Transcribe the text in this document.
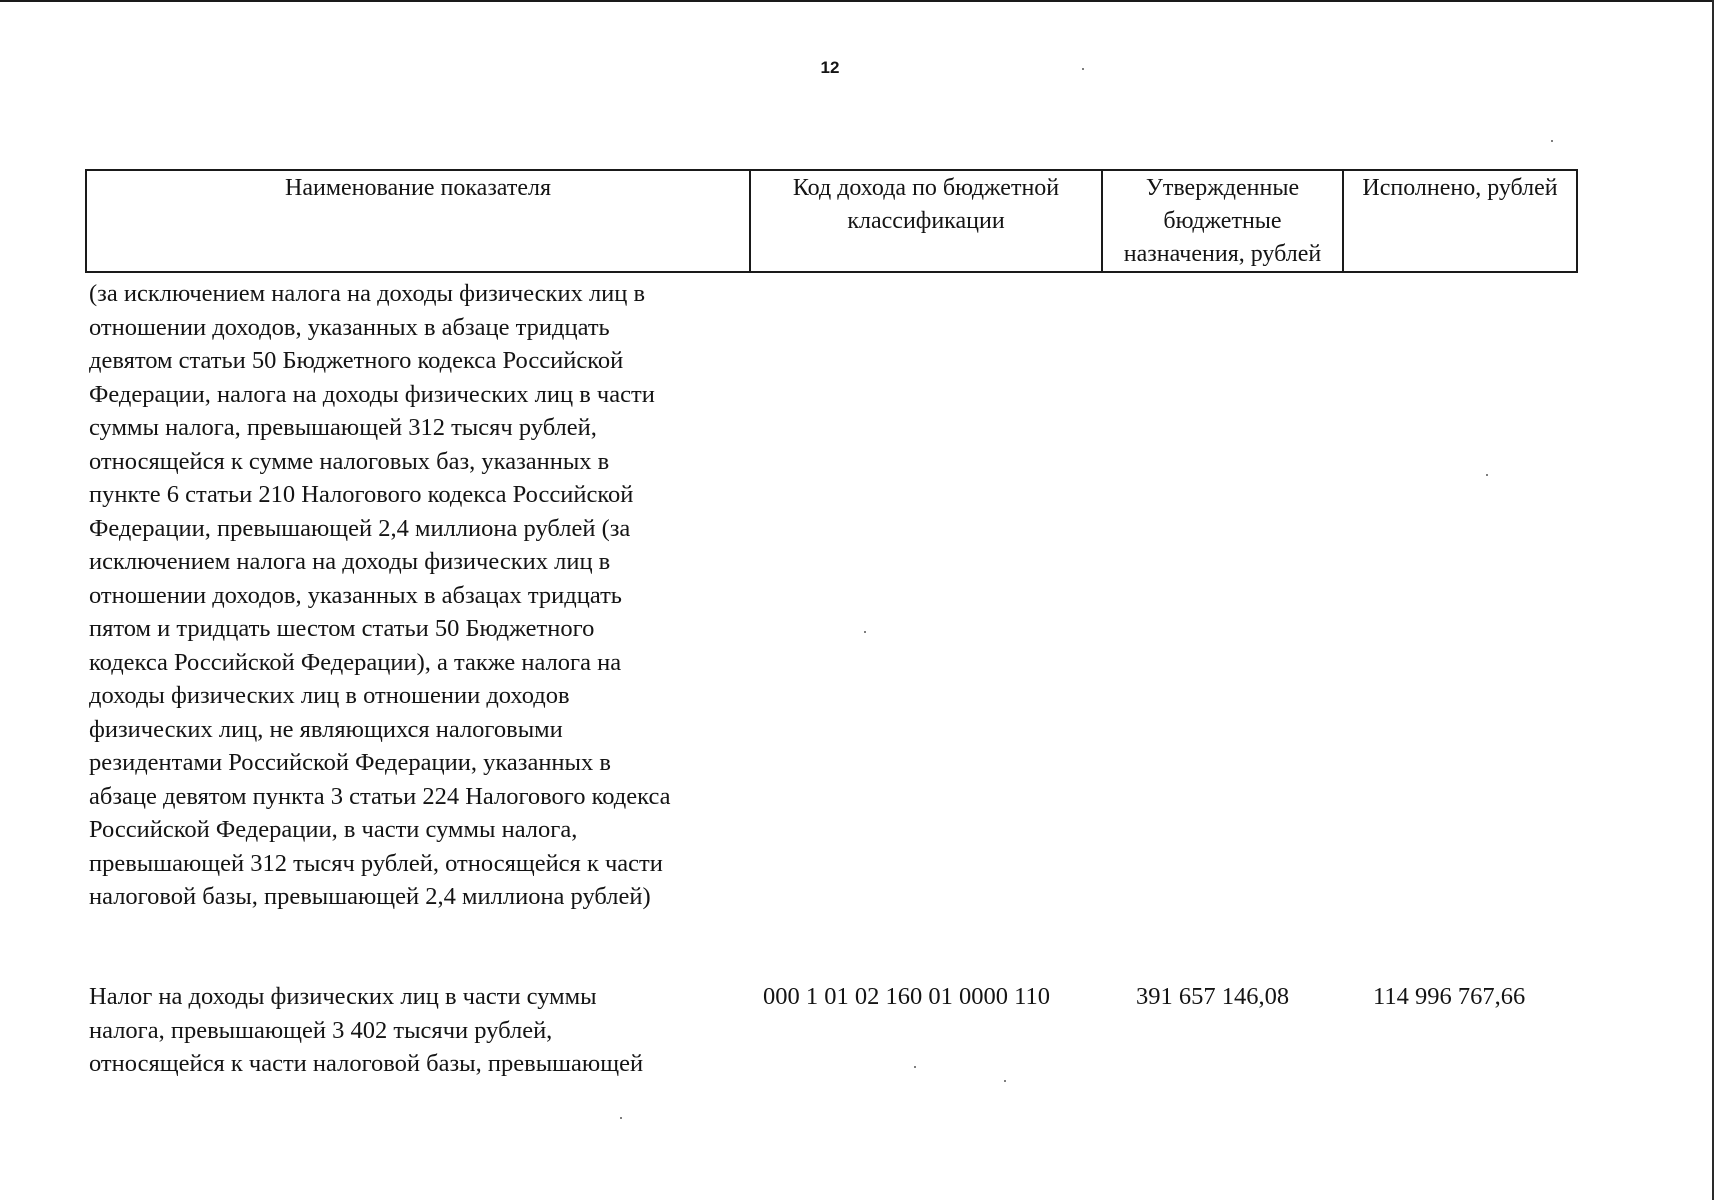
12
Наименование показателя	Код дохода по бюджетной классификации	Утвержденные бюджетные назначения, рублей	Исполнено, рублей
(за исключением налога на доходы физических лиц в
отношении доходов, указанных в абзаце тридцать
девятом статьи 50 Бюджетного кодекса Российской
Федерации, налога на доходы физических лиц в части
суммы налога, превышающей 312 тысяч рублей,
относящейся к сумме налоговых баз, указанных в
пункте 6 статьи 210 Налогового кодекса Российской
Федерации, превышающей 2,4 миллиона рублей (за
исключением налога на доходы физических лиц в
отношении доходов, указанных в абзацах тридцать
пятом и тридцать шестом статьи 50 Бюджетного
кодекса Российской Федерации), а также налога на
доходы физических лиц в отношении доходов
физических лиц, не являющихся налоговыми
резидентами Российской Федерации, указанных в
абзаце девятом пункта 3 статьи 224 Налогового кодекса
Российской Федерации, в части суммы налога,
превышающей 312 тысяч рублей, относящейся к части
налоговой базы, превышающей 2,4 миллиона рублей)
Налог на доходы физических лиц в части суммы
налога, превышающей 3 402 тысячи рублей,
относящейся к части налоговой базы, превышающей
000 1 01 02 160 01 0000 110	391 657 146,08	114 996 767,66
